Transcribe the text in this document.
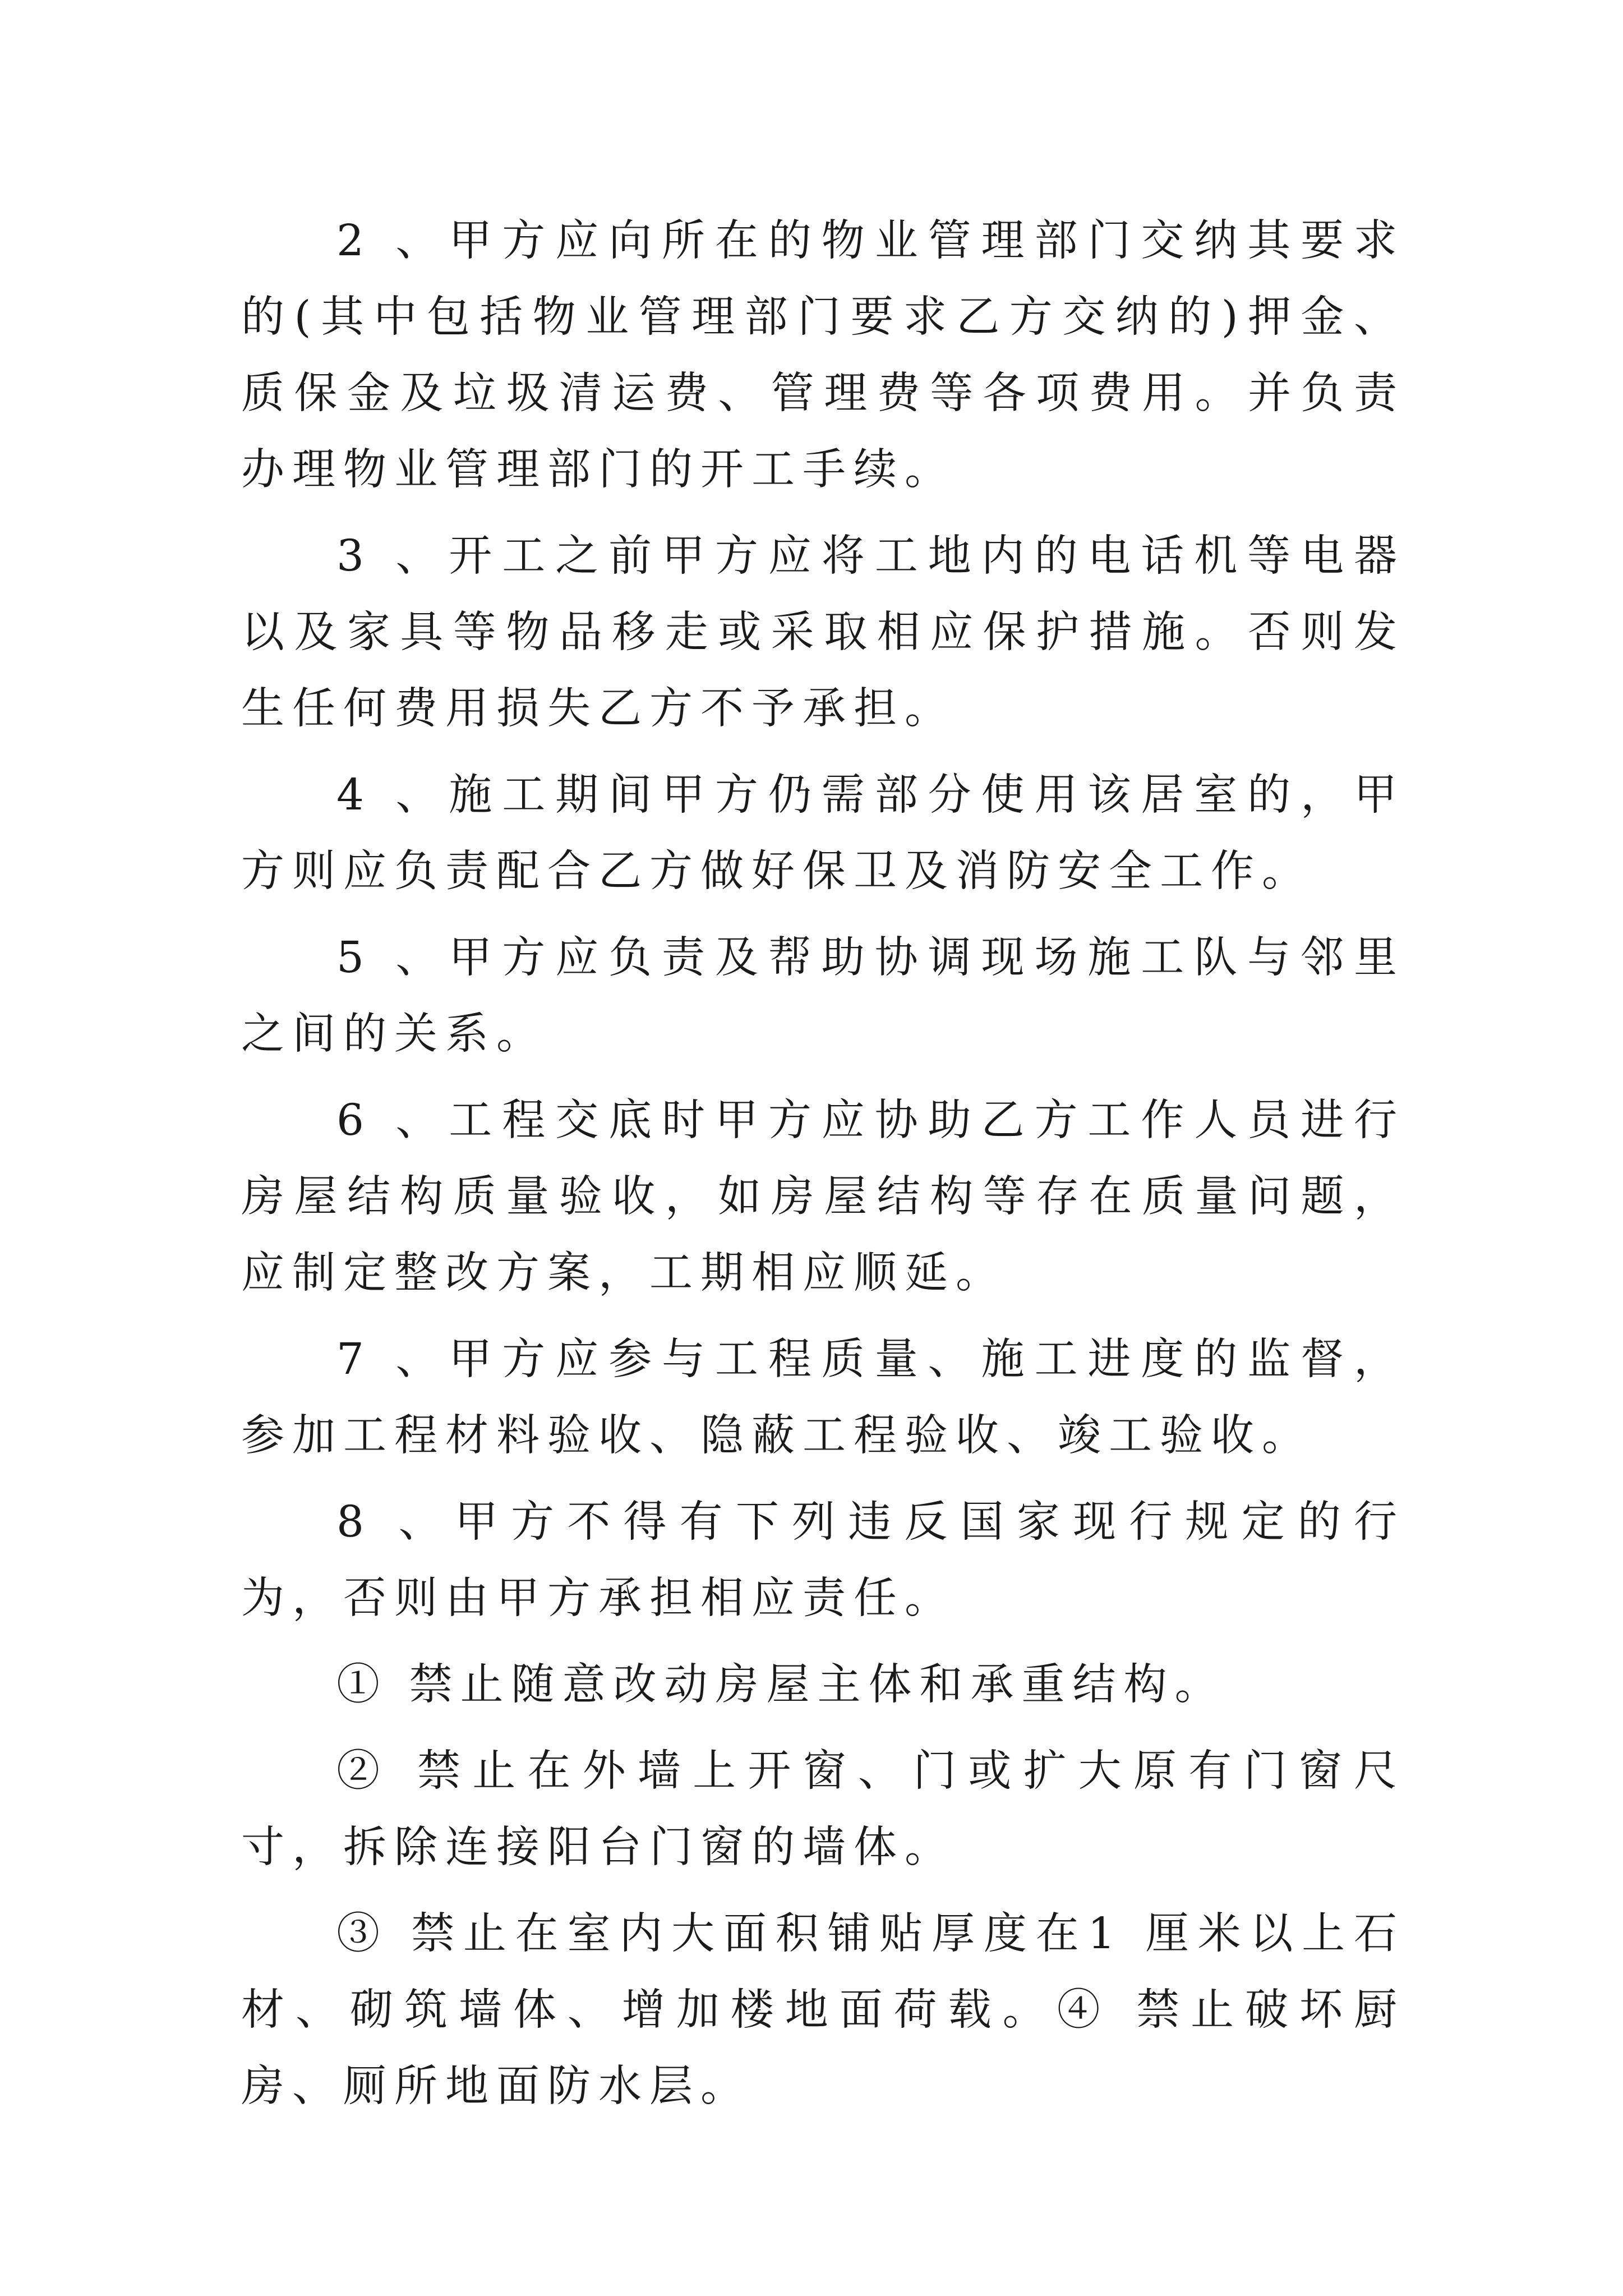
2 、甲方应向所在的物业管理部门交纳其要求的(其中包括物业管理部门要求乙方交纳的)押金、质保金及垃圾清运费、管理费等各项费用。并负责办理物业管理部门的开工手续。

3 、开工之前甲方应将工地内的电话机等电器以及家具等物品移走或采取相应保护措施。否则发生任何费用损失乙方不予承担。

4 、施工期间甲方仍需部分使用该居室的，甲方则应负责配合乙方做好保卫及消防安全工作。

5 、甲方应负责及帮助协调现场施工队与邻里之间的关系。

6 、工程交底时甲方应协助乙方工作人员进行房屋结构质量验收，如房屋结构等存在质量问题，应制定整改方案，工期相应顺延。

7 、甲方应参与工程质量、施工进度的监督，参加工程材料验收、隐蔽工程验收、竣工验收。

8 、甲方不得有下列违反国家现行规定的行为，否则由甲方承担相应责任。

① 禁止随意改动房屋主体和承重结构。

② 禁止在外墙上开窗、门或扩大原有门窗尺寸，拆除连接阳台门窗的墙体。

③ 禁止在室内大面积铺贴厚度在1 厘米以上石材、砌筑墙体、增加楼地面荷载。④ 禁止破坏厨房、厕所地面防水层。
